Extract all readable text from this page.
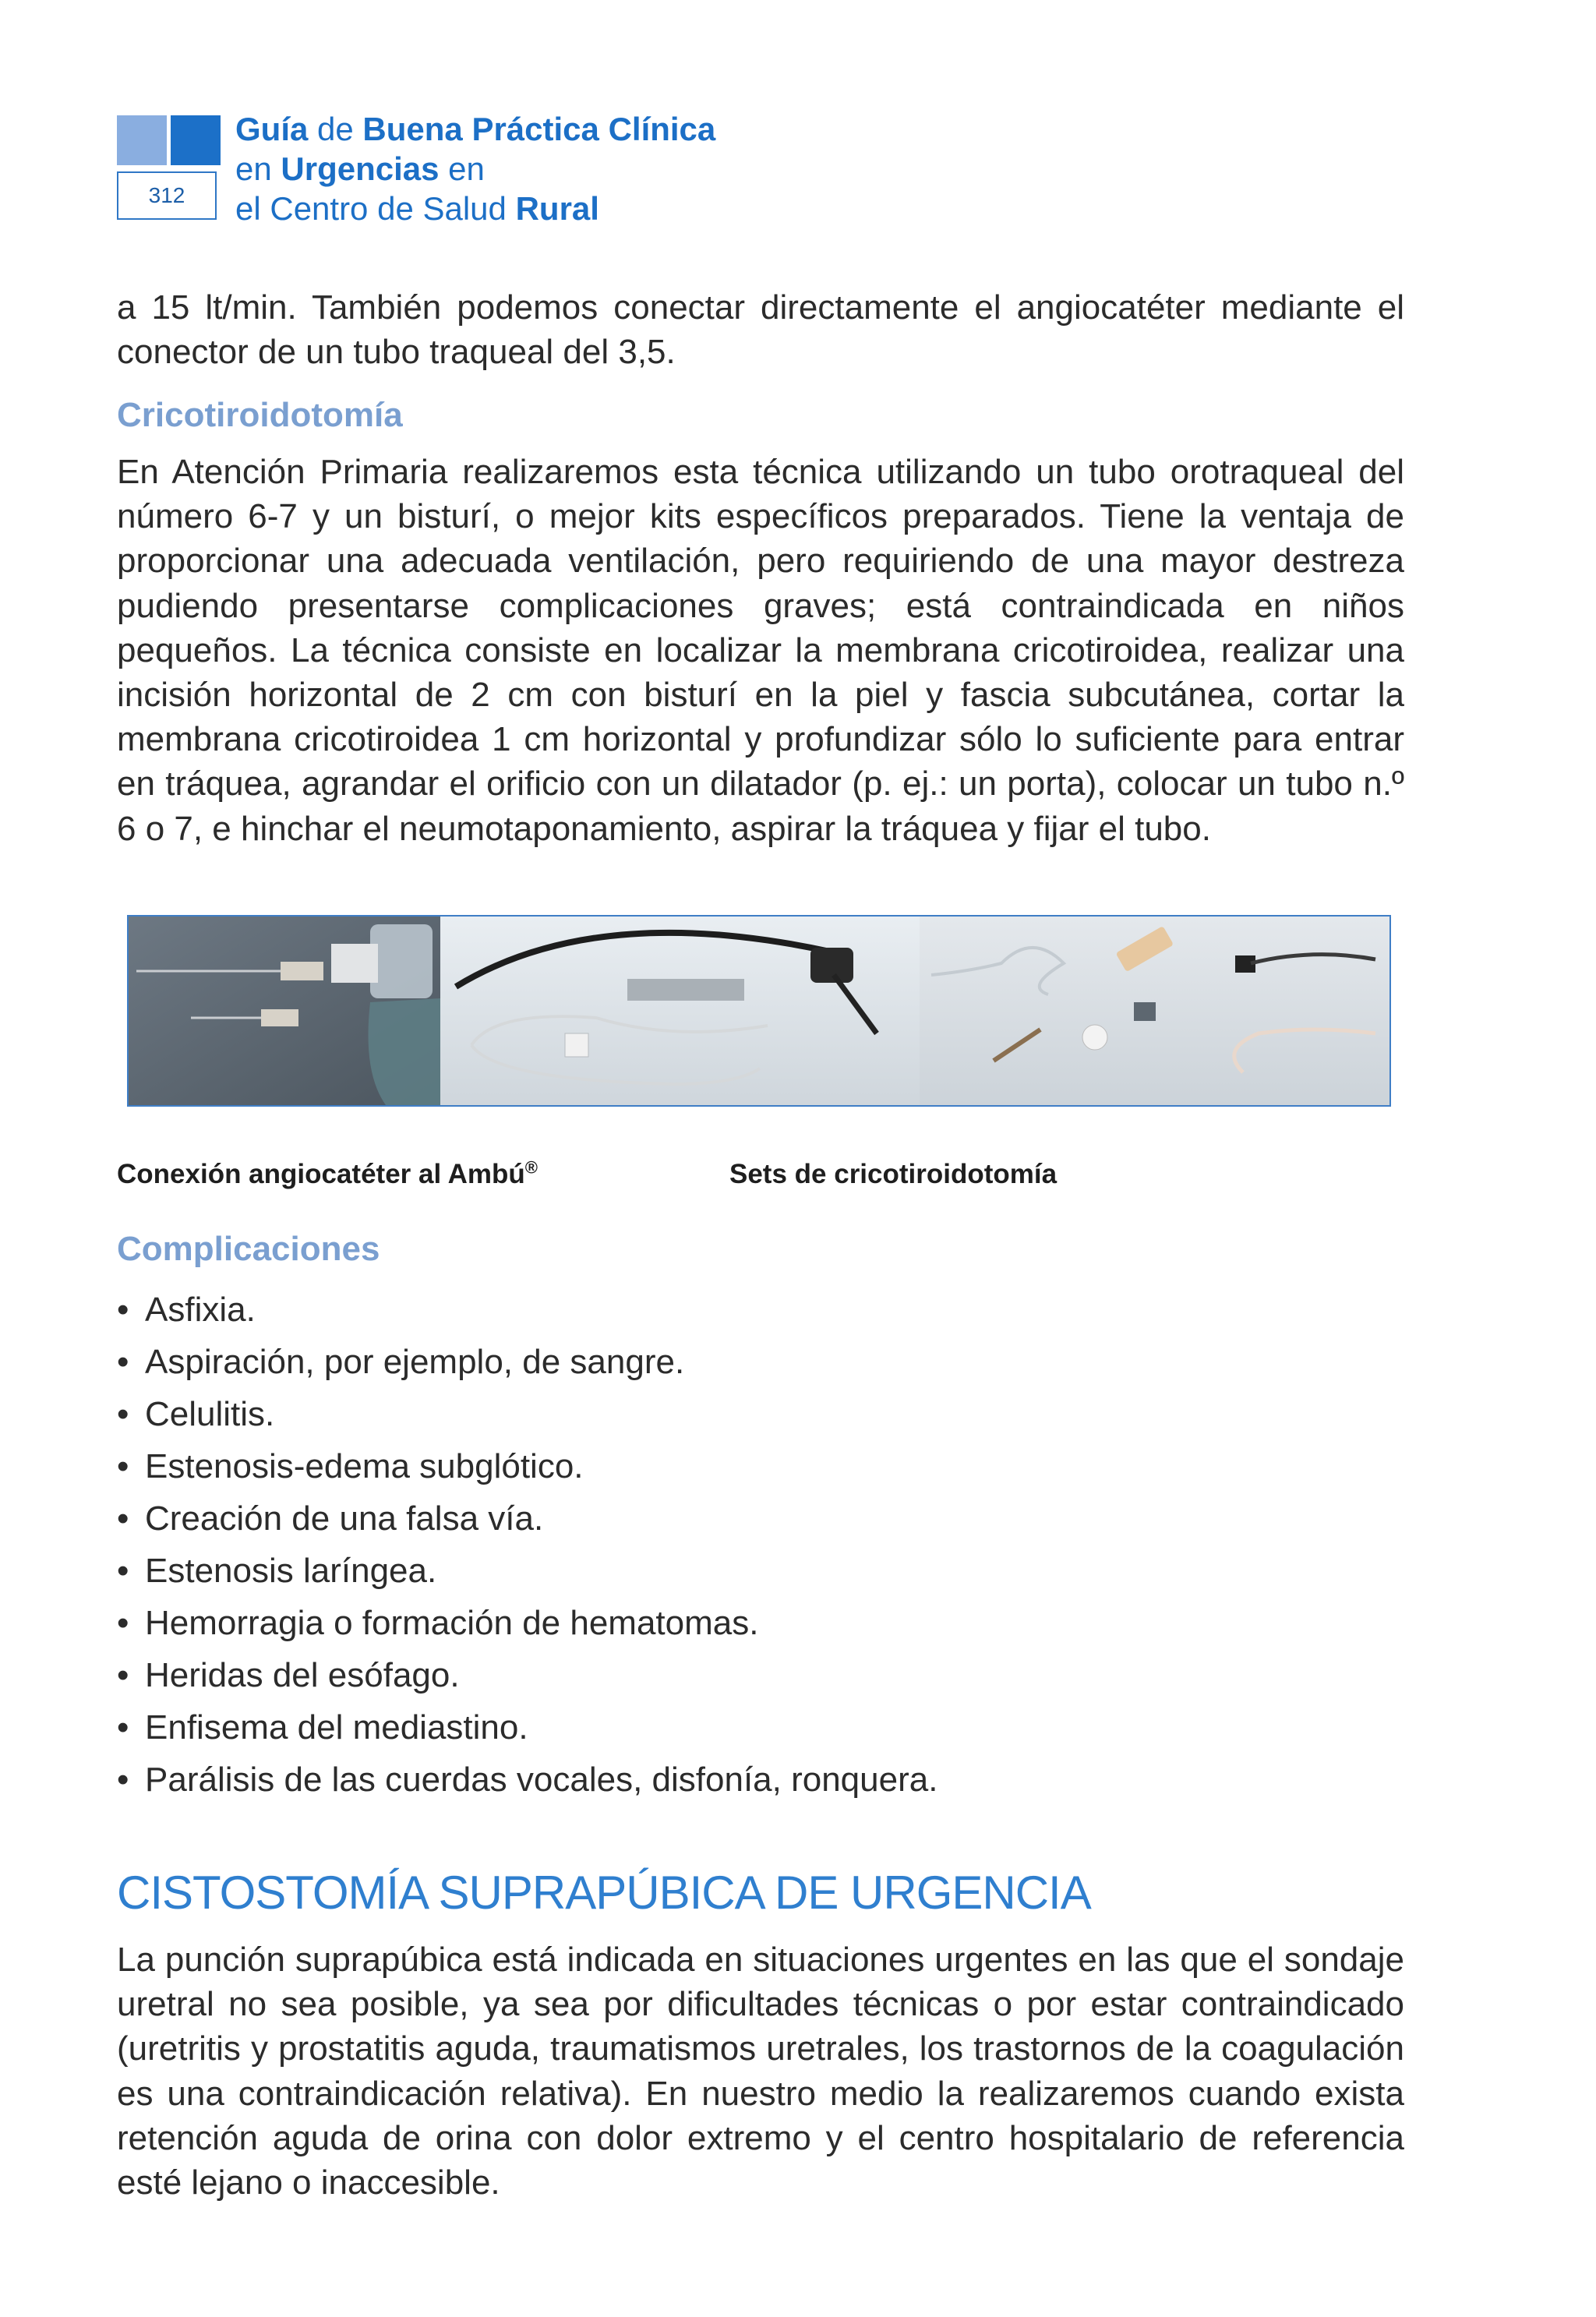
312
Guía de Buena Práctica Clínica
en Urgencias en
el Centro de Salud Rural
a 15 lt/min. También podemos conectar directamente el angiocatéter mediante el conector de un tubo traqueal del 3,5.
Cricotiroidotomía
En Atención Primaria realizaremos esta técnica utilizando un tubo orotraqueal del número 6-7 y un bisturí, o mejor kits específicos preparados. Tiene la ventaja de proporcionar una adecuada ventilación, pero requiriendo de una mayor destreza pudiendo presentarse complicaciones graves; está contraindicada en niños pequeños. La técnica consiste en localizar la membrana cricotiroidea, realizar una incisión horizontal de 2 cm con bisturí en la piel y fascia subcutánea, cortar la membrana cricotiroidea 1 cm horizontal y profundizar sólo lo suficiente para entrar en tráquea, agrandar el orificio con un dilatador (p. ej.: un porta), colocar un tubo n.º 6 o 7, e hinchar el neumotaponamiento, aspirar la tráquea y fijar el tubo.
Conexión angiocatéter al Ambú®	Sets de cricotiroidotomía
Complicaciones
• Asfixia.
• Aspiración, por ejemplo, de sangre.
• Celulitis.
• Estenosis-edema subglótico.
• Creación de una falsa vía.
• Estenosis laríngea.
• Hemorragia o formación de hematomas.
• Heridas del esófago.
• Enfisema del mediastino.
• Parálisis de las cuerdas vocales, disfonía, ronquera.
CISTOSTOMÍA SUPRAPÚBICA DE URGENCIA
La punción suprapúbica está indicada en situaciones urgentes en las que el sondaje uretral no sea posible, ya sea por dificultades técnicas o por estar contraindicado (uretritis y prostatitis aguda, traumatismos uretrales, los trastornos de la coagulación es una contraindicación relativa). En nuestro medio la realizaremos cuando exista retención aguda de orina con dolor extremo y el centro hospitalario de referencia esté lejano o inaccesible.
